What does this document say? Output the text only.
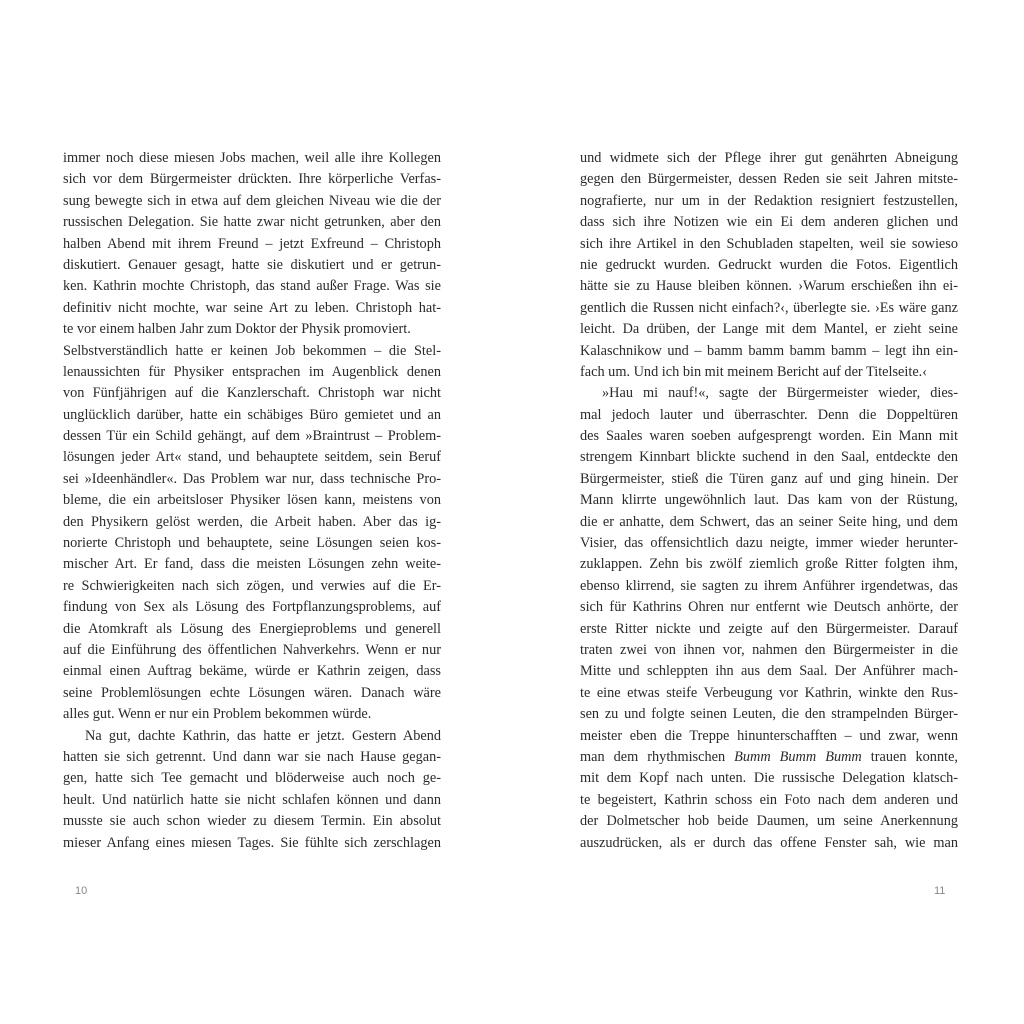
immer noch diese miesen Jobs machen, weil alle ihre Kollegen
sich vor dem Bürgermeister drückten. Ihre körperliche Verfas-
sung bewegte sich in etwa auf dem gleichen Niveau wie die der
russischen Delegation. Sie hatte zwar nicht getrunken, aber den
halben Abend mit ihrem Freund – jetzt Exfreund – Christoph
diskutiert. Genauer gesagt, hatte sie diskutiert und er getrun-
ken. Kathrin mochte Christoph, das stand außer Frage. Was sie
definitiv nicht mochte, war seine Art zu leben. Christoph hat-
te vor einem halben Jahr zum Doktor der Physik promoviert.
Selbstverständlich hatte er keinen Job bekommen – die Stel-
lenaussichten für Physiker entsprachen im Augenblick denen
von Fünfjährigen auf die Kanzlerschaft. Christoph war nicht
unglücklich darüber, hatte ein schäbiges Büro gemietet und an
dessen Tür ein Schild gehängt, auf dem »Braintrust – Problem-
lösungen jeder Art« stand, und behauptete seitdem, sein Beruf
sei »Ideenhändler«. Das Problem war nur, dass technische Pro-
bleme, die ein arbeitsloser Physiker lösen kann, meistens von
den Physikern gelöst werden, die Arbeit haben. Aber das ig-
norierte Christoph und behauptete, seine Lösungen seien kos-
mischer Art. Er fand, dass die meisten Lösungen zehn weite-
re Schwierigkeiten nach sich zögen, und verwies auf die Er-
findung von Sex als Lösung des Fortpflanzungsproblems, auf
die Atomkraft als Lösung des Energieproblems und generell
auf die Einführung des öffentlichen Nahverkehrs. Wenn er nur
einmal einen Auftrag bekäme, würde er Kathrin zeigen, dass
seine Problemlösungen echte Lösungen wären. Danach wäre
alles gut. Wenn er nur ein Problem bekommen würde.
Na gut, dachte Kathrin, das hatte er jetzt. Gestern Abend
hatten sie sich getrennt. Und dann war sie nach Hause gegan-
gen, hatte sich Tee gemacht und blöderweise auch noch ge-
heult. Und natürlich hatte sie nicht schlafen können und dann
musste sie auch schon wieder zu diesem Termin. Ein absolut
mieser Anfang eines miesen Tages. Sie fühlte sich zerschlagen
10
und widmete sich der Pflege ihrer gut genährten Abneigung
gegen den Bürgermeister, dessen Reden sie seit Jahren mitste-
nografierte, nur um in der Redaktion resigniert festzustellen,
dass sich ihre Notizen wie ein Ei dem anderen glichen und
sich ihre Artikel in den Schubladen stapelten, weil sie sowieso
nie gedruckt wurden. Gedruckt wurden die Fotos. Eigentlich
hätte sie zu Hause bleiben können. ›Warum erschießen ihn ei-
gentlich die Russen nicht einfach?‹, überlegte sie. ›Es wäre ganz
leicht. Da drüben, der Lange mit dem Mantel, er zieht seine
Kalaschnikow und – bamm bamm bamm bamm – legt ihn ein-
fach um. Und ich bin mit meinem Bericht auf der Titelseite.‹
»Hau mi nauf!«, sagte der Bürgermeister wieder, dies-
mal jedoch lauter und überraschter. Denn die Doppeltüren
des Saales waren soeben aufgesprengt worden. Ein Mann mit
strengem Kinnbart blickte suchend in den Saal, entdeckte den
Bürgermeister, stieß die Türen ganz auf und ging hinein. Der
Mann klirrte ungewöhnlich laut. Das kam von der Rüstung,
die er anhatte, dem Schwert, das an seiner Seite hing, und dem
Visier, das offensichtlich dazu neigte, immer wieder herunter-
zuklappen. Zehn bis zwölf ziemlich große Ritter folgten ihm,
ebenso klirrend, sie sagten zu ihrem Anführer irgendetwas, das
sich für Kathrins Ohren nur entfernt wie Deutsch anhörte, der
erste Ritter nickte und zeigte auf den Bürgermeister. Darauf
traten zwei von ihnen vor, nahmen den Bürgermeister in die
Mitte und schleppten ihn aus dem Saal. Der Anführer mach-
te eine etwas steife Verbeugung vor Kathrin, winkte den Rus-
sen zu und folgte seinen Leuten, die den strampelnden Bürger-
meister eben die Treppe hinunterschafften – und zwar, wenn
man dem rhythmischen Bumm Bumm Bumm trauen konnte,
mit dem Kopf nach unten. Die russische Delegation klatsch-
te begeistert, Kathrin schoss ein Foto nach dem anderen und
der Dolmetscher hob beide Daumen, um seine Anerkennung
auszudrücken, als er durch das offene Fenster sah, wie man
11
